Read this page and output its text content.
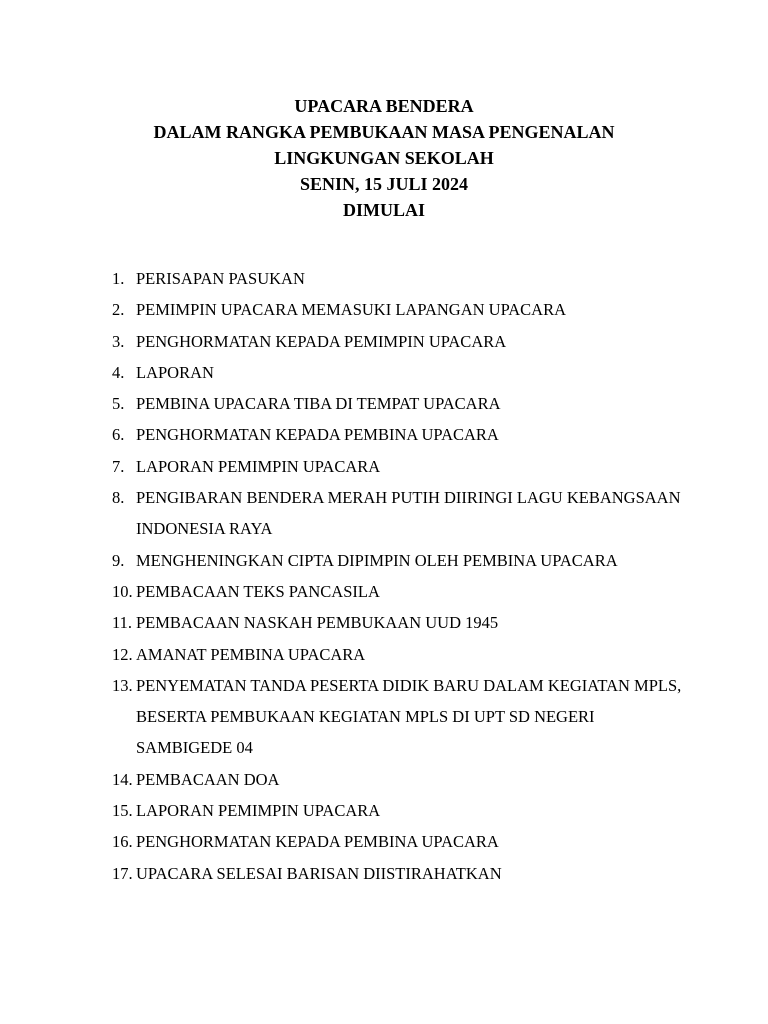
UPACARA BENDERA
DALAM RANGKA PEMBUKAAN MASA PENGENALAN
LINGKUNGAN SEKOLAH
SENIN, 15 JULI 2024
DIMULAI
1. PERISAPAN PASUKAN
2. PEMIMPIN UPACARA MEMASUKI LAPANGAN UPACARA
3. PENGHORMATAN KEPADA PEMIMPIN UPACARA
4. LAPORAN
5. PEMBINA UPACARA TIBA DI TEMPAT UPACARA
6. PENGHORMATAN KEPADA PEMBINA UPACARA
7. LAPORAN PEMIMPIN UPACARA
8. PENGIBARAN BENDERA MERAH PUTIH DIIRINGI LAGU KEBANGSAAN INDONESIA RAYA
9. MENGHENINGKAN CIPTA DIPIMPIN OLEH PEMBINA UPACARA
10. PEMBACAAN TEKS PANCASILA
11. PEMBACAAN NASKAH PEMBUKAAN UUD 1945
12. AMANAT PEMBINA UPACARA
13. PENYEMATAN TANDA PESERTA DIDIK BARU DALAM KEGIATAN MPLS, BESERTA PEMBUKAAN KEGIATAN MPLS DI UPT SD NEGERI SAMBIGEDE 04
14. PEMBACAAN DOA
15. LAPORAN PEMIMPIN UPACARA
16. PENGHORMATAN KEPADA PEMBINA UPACARA
17. UPACARA SELESAI BARISAN DIISTIRAHATKAN
